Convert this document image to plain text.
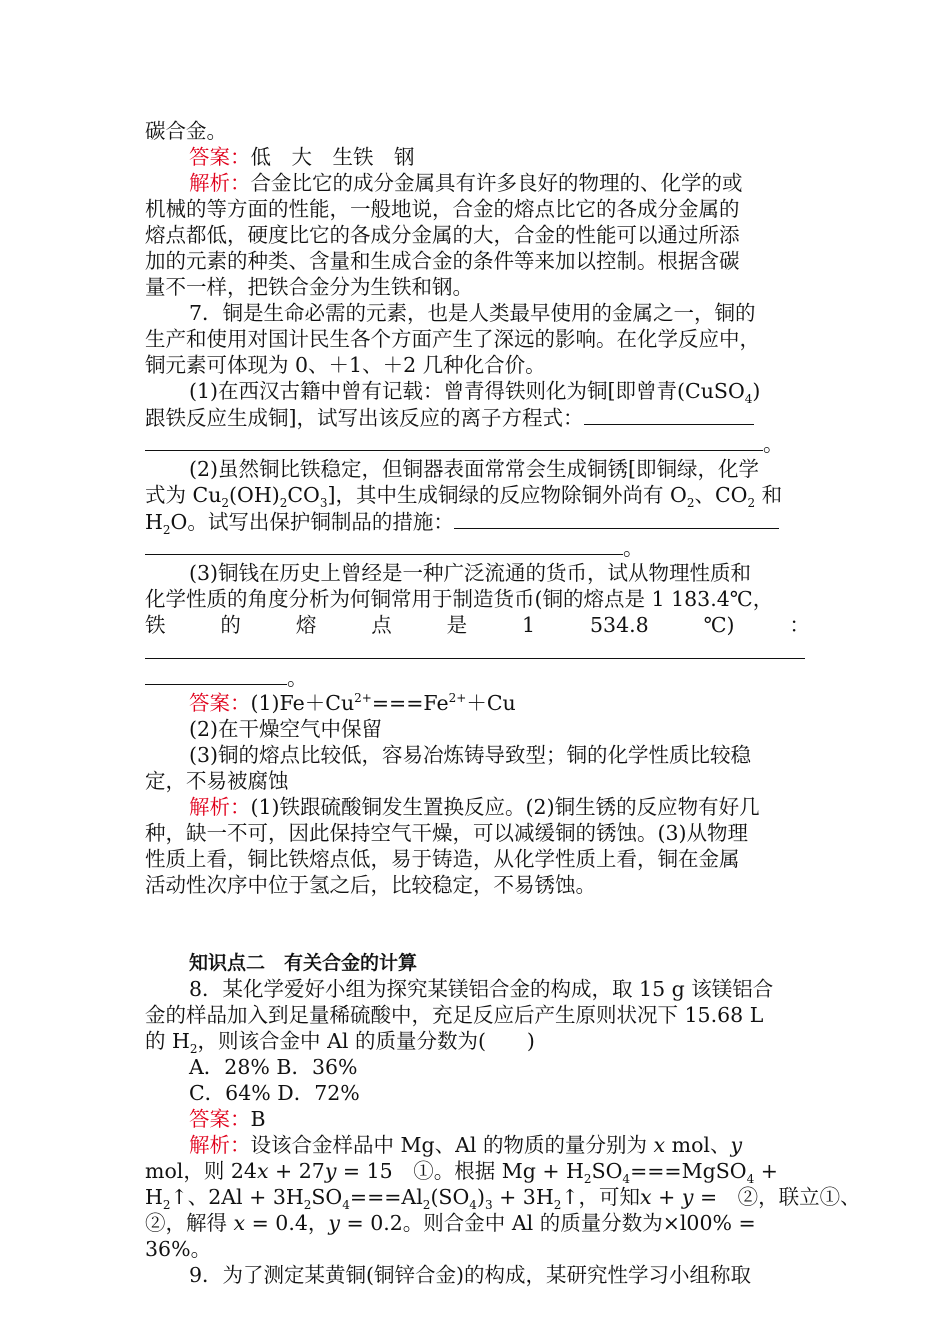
碳合金。
答案：低　大　生铁　钢
解析：合金比它的成分金属具有许多良好的物理的、化学的或
机械的等方面的性能，一般地说，合金的熔点比它的各成分金属的
熔点都低，硬度比它的各成分金属的大，合金的性能可以通过所添
加的元素的种类、含量和生成合金的条件等来加以控制。根据含碳
量不一样，把铁合金分为生铁和钢。
7．铜是生命必需的元素，也是人类最早使用的金属之一，铜的
生产和使用对国计民生各个方面产生了深远的影响。在化学反应中，
铜元素可体现为 0、＋1、＋2 几种化合价。
(1)在西汉古籍中曾有记载：曾青得铁则化为铜[即曾青(CuSO$_4$)
跟铁反应生成铜]，试写出该反应的离子方程式：
。
(2)虽然铜比铁稳定，但铜器表面常常会生成铜锈[即铜绿，化学
式为 $Cu_2(OH)_2CO_3$]，其中生成铜绿的反应物除铜外尚有 $O_2$、$CO_2$ 和
$H_2O$。试写出保护铜制品的措施：
。
(3)铜钱在历史上曾经是一种广泛流通的货币，试从物理性质和
化学性质的角度分析为何铜常用于制造货币(铜的熔点是 1 183.4℃，
铁	的	熔	点	是	1	534.8	℃)	：
。
答案：$(1)Fe+Cu^{2+}===Fe^{2+}+Cu$
(2)在干燥空气中保留
(3)铜的熔点比较低，容易冶炼铸导致型；铜的化学性质比较稳
定，不易被腐蚀
解析：(1)铁跟硫酸铜发生置换反应。(2)铜生锈的反应物有好几
种，缺一不可，因此保持空气干燥，可以减缓铜的锈蚀。(3)从物理
性质上看，铜比铁熔点低，易于铸造，从化学性质上看，铜在金属
活动性次序中位于氢之后，比较稳定，不易锈蚀。
知识点二　有关合金的计算
8．某化学爱好小组为探究某镁铝合金的构成，取 15 g 该镁铝合
金的样品加入到足量稀硫酸中，充足反应后产生原则状况下 15.68 L
的 $H_2$，则该合金中 Al 的质量分数为(　　)
A．28% B．36%
C．64% D．72%
答案：B
解析：设该合金样品中 Mg、Al 的物质的量分别为 x mol、y
mol，则 24x + 27y = 15　①。根据 $Mg + H_2SO_4===MgSO_4$ +
$H_2↑$、$2Al + 3H_2SO_4===Al_2(SO_4)_3$ + $3H_2↑$，可知x + y =　②，联立①、
②，解得 x = 0.4，y = 0.2。则合金中 Al 的质量分数为×l00% =
36%。
9．为了测定某黄铜(铜锌合金)的构成，某研究性学习小组称取
